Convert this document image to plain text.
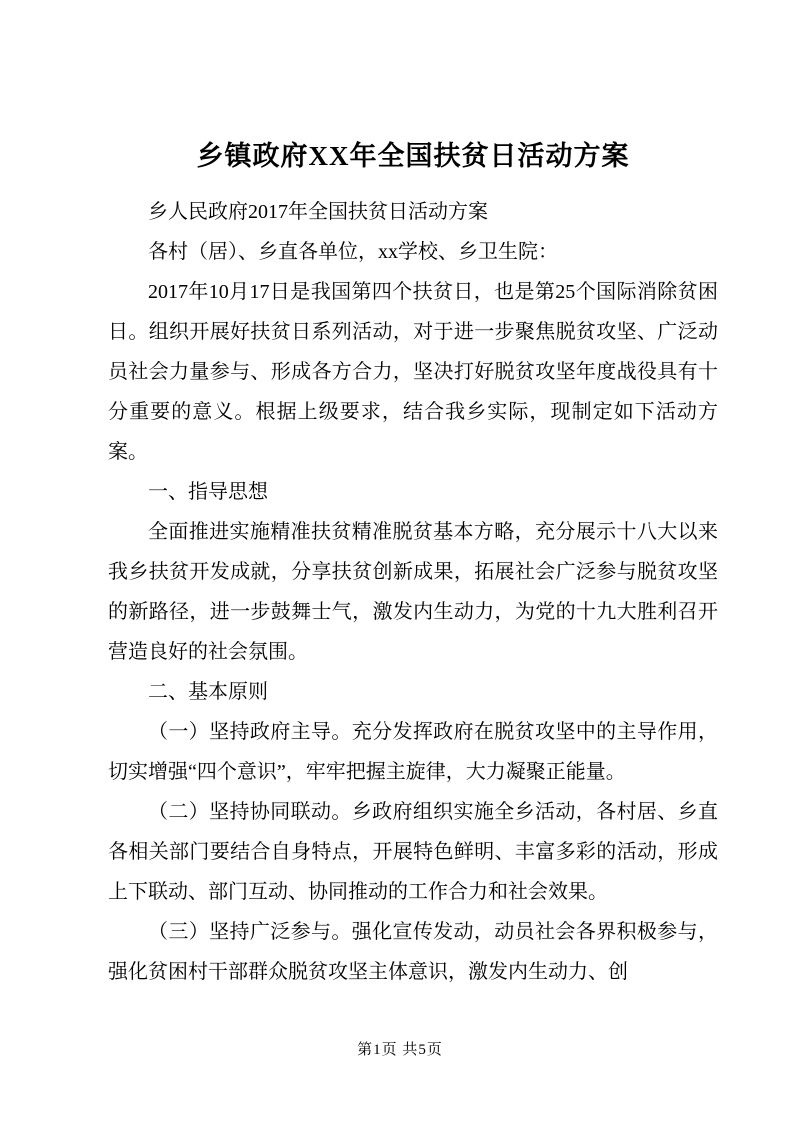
乡镇政府XX年全国扶贫日活动方案

乡人民政府2017年全国扶贫日活动方案

各村（居）、乡直各单位，xx学校、乡卫生院：

2017年10月17日是我国第四个扶贫日，也是第25个国际消除贫困日。组织开展好扶贫日系列活动，对于进一步聚焦脱贫攻坚、广泛动员社会力量参与、形成各方合力，坚决打好脱贫攻坚年度战役具有十分重要的意义。根据上级要求，结合我乡实际，现制定如下活动方案。

一、指导思想

全面推进实施精准扶贫精准脱贫基本方略，充分展示十八大以来我乡扶贫开发成就，分享扶贫创新成果，拓展社会广泛参与脱贫攻坚的新路径，进一步鼓舞士气，激发内生动力，为党的十九大胜利召开营造良好的社会氛围。

二、基本原则

（一）坚持政府主导。充分发挥政府在脱贫攻坚中的主导作用，切实增强“四个意识”，牢牢把握主旋律，大力凝聚正能量。

（二）坚持协同联动。乡政府组织实施全乡活动，各村居、乡直各相关部门要结合自身特点，开展特色鲜明、丰富多彩的活动，形成上下联动、部门互动、协同推动的工作合力和社会效果。

（三）坚持广泛参与。强化宣传发动，动员社会各界积极参与，强化贫困村干部群众脱贫攻坚主体意识，激发内生动力、创

第1页 共5页
